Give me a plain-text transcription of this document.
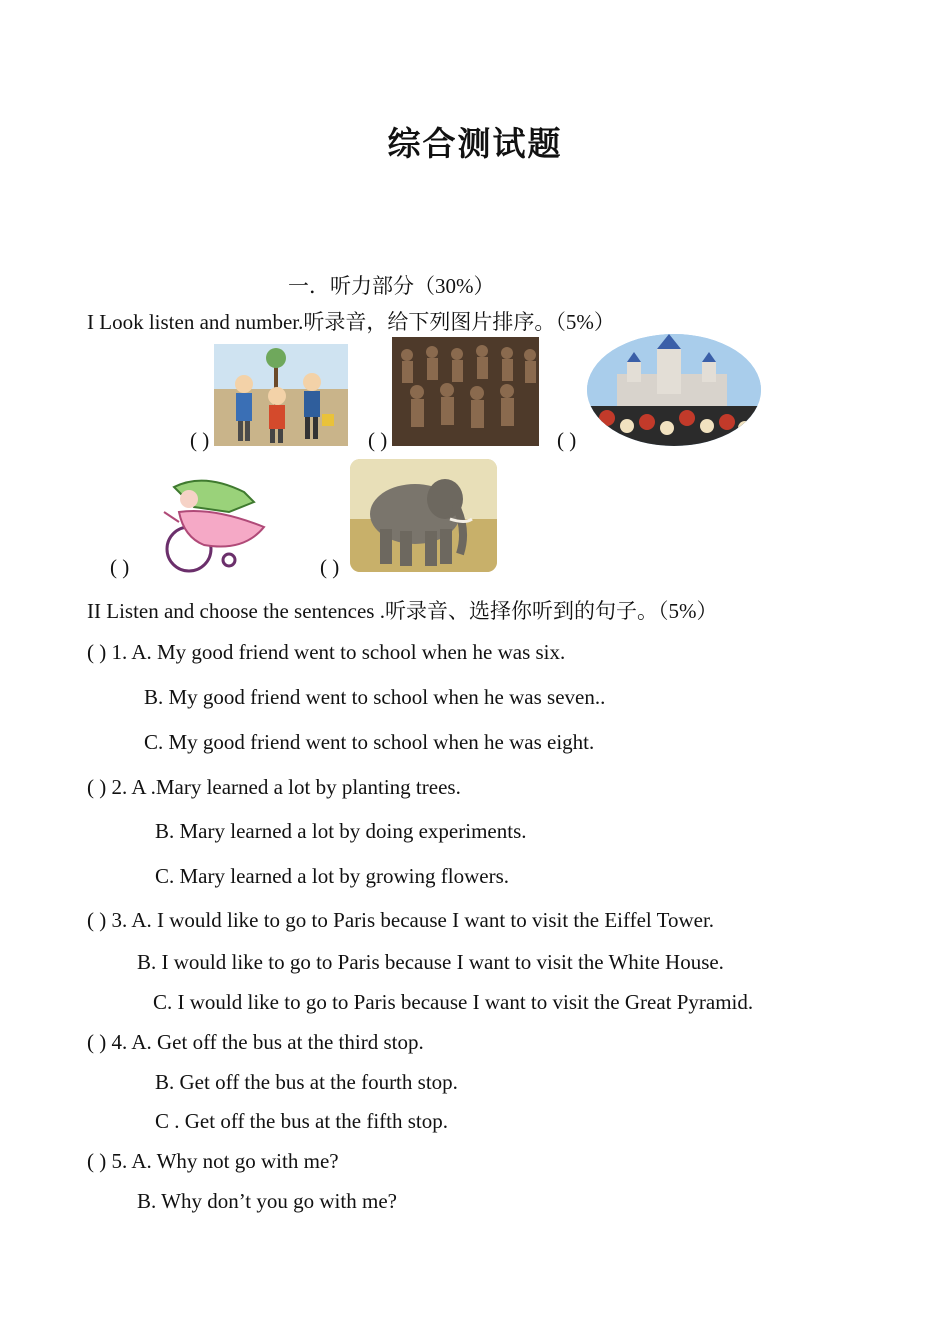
综合测试题
一．听力部分（30%）
I Look listen and number.听录音，给下列图片排序。（5%）
( )	( )	( )
( )	( )
II Listen and choose the sentences .听录音、选择你听到的句子。（5%）
( ) 1. A. My good friend went to school when he was six.
B. My good friend went to school when he was seven..
C. My good friend went to school when he was eight.
( ) 2. A .Mary learned a lot by planting trees.
B. Mary learned a lot by doing experiments.
C. Mary learned a lot by growing flowers.
( ) 3. A. I would like to go to Paris because I want to visit the Eiffel Tower.
B. I would like to go to Paris because I want to visit the White House.
C. I would like to go to Paris because I want to visit the Great Pyramid.
( ) 4. A. Get off the bus at the third stop.
B. Get off the bus at the fourth stop.
C . Get off the bus at the fifth stop.
( ) 5. A. Why not go with me?
B. Why don’t you go with me?
